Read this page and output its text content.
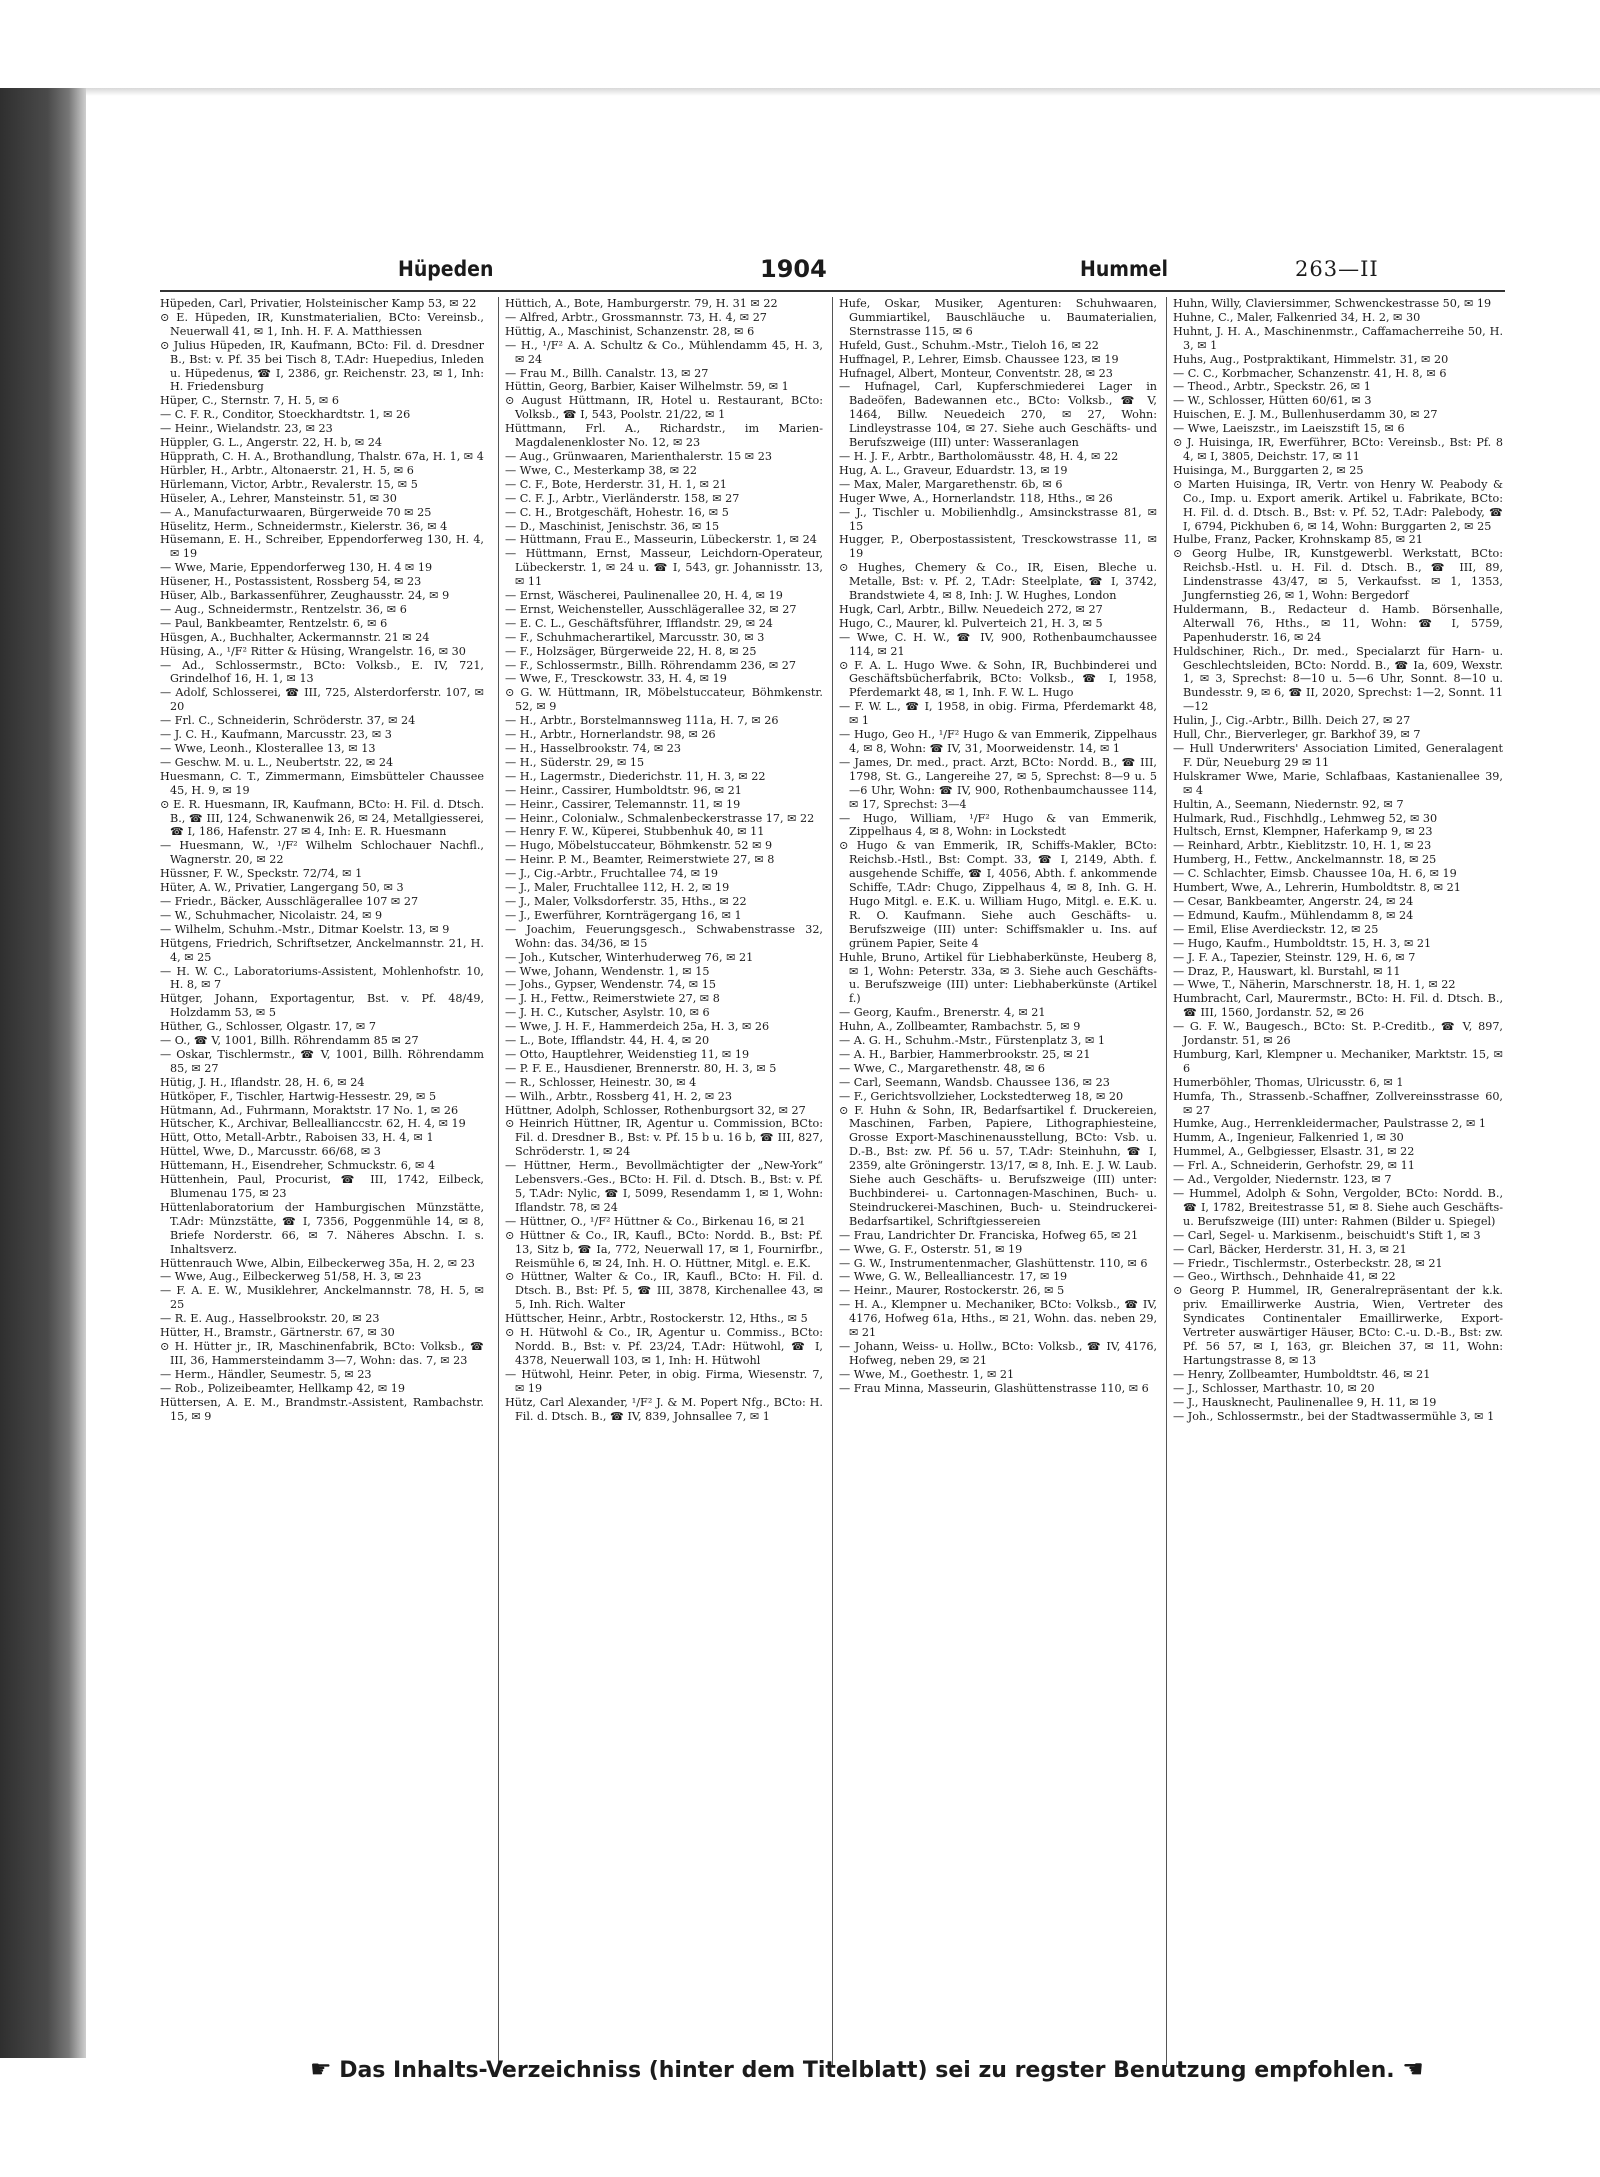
Hüpeden	1904	Hummel	263—II

Hüpeden, Carl, Privatier, Holsteinischer Kamp 53, ✉ 22

⊙ E. Hüpeden, IR, Kunstmaterialien, BCto: Vereinsb., Neuerwall 41, ✉ 1, Inh. H. F. A. Matthiessen

⊙ Julius Hüpeden, IR, Kaufmann, BCto: Fil. d. Dresdner B., Bst: v. Pf. 35 bei Tisch 8, T.Adr: Huepedius, Inleden u. Hüpedenus, ☎ I, 2386, gr. Reichenstr. 23, ✉ 1, Inh: H. Friedensburg

Hüper, C., Sternstr. 7, H. 5, ✉ 6

— C. F. R., Conditor, Stoeckhardtstr. 1, ✉ 26

— Heinr., Wielandstr. 23, ✉ 23

Hüppler, G. L., Angerstr. 22, H. b, ✉ 24

Hüpprath, C. H. A., Brothandlung, Thalstr. 67a, H. 1, ✉ 4

Hürbler, H., Arbtr., Altonaerstr. 21, H. 5, ✉ 6

Hürlemann, Victor, Arbtr., Revalerstr. 15, ✉ 5

Hüseler, A., Lehrer, Mansteinstr. 51, ✉ 30

— A., Manufacturwaaren, Bürgerweide 70 ✉ 25

Hüselitz, Herm., Schneidermstr., Kielerstr. 36, ✉ 4

Hüsemann, E. H., Schreiber, Eppendorferweg 130, H. 4, ✉ 19

— Wwe, Marie, Eppendorferweg 130, H. 4 ✉ 19

Hüsener, H., Postassistent, Rossberg 54, ✉ 23

Hüser, Alb., Barkassenführer, Zeughausstr. 24, ✉ 9

— Aug., Schneidermstr., Rentzelstr. 36, ✉ 6

— Paul, Bankbeamter, Rentzelstr. 6, ✉ 6

Hüsgen, A., Buchhalter, Ackermannstr. 21 ✉ 24

Hüsing, A., ¹/F² Ritter & Hüsing, Wrangelstr. 16, ✉ 30

— Ad., Schlossermstr., BCto: Volksb., E. IV, 721, Grindelhof 16, H. 1, ✉ 13

— Adolf, Schlosserei, ☎ III, 725, Alsterdorferstr. 107, ✉ 20

— Frl. C., Schneiderin, Schröderstr. 37, ✉ 24

— J. C. H., Kaufmann, Marcusstr. 23, ✉ 3

— Wwe, Leonh., Klosterallee 13, ✉ 13

— Geschw. M. u. L., Neubertstr. 22, ✉ 24

Huesmann, C. T., Zimmermann, Eimsbütteler Chaussee 45, H. 9, ✉ 19

⊙ E. R. Huesmann, IR, Kaufmann, BCto: H. Fil. d. Dtsch. B., ☎ III, 124, Schwanenwik 26, ✉ 24, Metallgiesserei, ☎ I, 186, Hafenstr. 27 ✉ 4, Inh: E. R. Huesmann

— Huesmann, W., ¹/F² Wilhelm Schlochauer Nachfl., Wagnerstr. 20, ✉ 22

Hüssner, F. W., Speckstr. 72/74, ✉ 1

Hüter, A. W., Privatier, Langergang 50, ✉ 3

— Friedr., Bäcker, Ausschlägerallee 107 ✉ 27

— W., Schuhmacher, Nicolaistr. 24, ✉ 9

— Wilhelm, Schuhm.-Mstr., Ditmar Koelstr. 13, ✉ 9

Hütgens, Friedrich, Schriftsetzer, Anckelmannstr. 21, H. 4, ✉ 25

— H. W. C., Laboratoriums-Assistent, Mohlenhofstr. 10, H. 8, ✉ 7

Hütger, Johann, Exportagentur, Bst. v. Pf. 48/49, Holzdamm 53, ✉ 5

Hüther, G., Schlosser, Olgastr. 17, ✉ 7

— O., ☎ V, 1001, Billh. Röhrendamm 85 ✉ 27

— Oskar, Tischlermstr., ☎ V, 1001, Billh. Röhrendamm 85, ✉ 27

Hütig, J. H., Iflandstr. 28, H. 6, ✉ 24

Hütköper, F., Tischler, Hartwig-Hessestr. 29, ✉ 5

Hütmann, Ad., Fuhrmann, Moraktstr. 17 No. 1, ✉ 26

Hütscher, K., Archivar, Belleallianccstr. 62, H. 4, ✉ 19

Hütt, Otto, Metall-Arbtr., Raboisen 33, H. 4, ✉ 1

Hüttel, Wwe, D., Marcusstr. 66/68, ✉ 3

Hüttemann, H., Eisendreher, Schmuckstr. 6, ✉ 4

Hüttenhein, Paul, Procurist, ☎ III, 1742, Eilbeck, Blumenau 175, ✉ 23

Hüttenlaboratorium der Hamburgischen Münzstätte, T.Adr: Münzstätte, ☎ I, 7356, Poggenmühle 14, ✉ 8, Briefe Norderstr. 66, ✉ 7. Näheres Abschn. I. s. Inhaltsverz.

Hüttenrauch Wwe, Albin, Eilbeckerweg 35a, H. 2, ✉ 23

— Wwe, Aug., Eilbeckerweg 51/58, H. 3, ✉ 23

— F. A. E. W., Musiklehrer, Anckelmannstr. 78, H. 5, ✉ 25

— R. E. Aug., Hasselbrookstr. 20, ✉ 23

Hütter, H., Bramstr., Gärtnerstr. 67, ✉ 30

⊙ H. Hütter jr., IR, Maschinenfabrik, BCto: Volksb., ☎ III, 36, Hammersteindamm 3—7, Wohn: das. 7, ✉ 23

— Herm., Händler, Seumestr. 5, ✉ 23

— Rob., Polizeibeamter, Hellkamp 42, ✉ 19

Hüttersen, A. E. M., Brandmstr.-Assistent, Rambachstr. 15, ✉ 9

Hüttich, A., Bote, Hamburgerstr. 79, H. 31 ✉ 22

— Alfred, Arbtr., Grossmannstr. 73, H. 4, ✉ 27

Hüttig, A., Maschinist, Schanzenstr. 28, ✉ 6

— H., ¹/F² A. A. Schultz & Co., Mühlendamm 45, H. 3, ✉ 24

— Frau M., Billh. Canalstr. 13, ✉ 27

Hüttin, Georg, Barbier, Kaiser Wilhelmstr. 59, ✉ 1

⊙ August Hüttmann, IR, Hotel u. Restaurant, BCto: Volksb., ☎ I, 543, Poolstr. 21/22, ✉ 1

Hüttmann, Frl. A., Richardstr., im Marien-Magdalenenkloster No. 12, ✉ 23

— Aug., Grünwaaren, Marienthalerstr. 15 ✉ 23

— Wwe, C., Mesterkamp 38, ✉ 22

— C. F., Bote, Herderstr. 31, H. 1, ✉ 21

— C. F. J., Arbtr., Vierländerstr. 158, ✉ 27

— C. H., Brotgeschäft, Hohestr. 16, ✉ 5

— D., Maschinist, Jenischstr. 36, ✉ 15

— Hüttmann, Frau E., Masseurin, Lübeckerstr. 1, ✉ 24

— Hüttmann, Ernst, Masseur, Leichdorn-Operateur, Lübeckerstr. 1, ✉ 24 u. ☎ I, 543, gr. Johannisstr. 13, ✉ 11

— Ernst, Wäscherei, Paulinenallee 20, H. 4, ✉ 19

— Ernst, Weichensteller, Ausschlägerallee 32, ✉ 27

— E. C. L., Geschäftsführer, Ifflandstr. 29, ✉ 24

— F., Schuhmacherartikel, Marcusstr. 30, ✉ 3

— F., Holzsäger, Bürgerweide 22, H. 8, ✉ 25

— F., Schlossermstr., Billh. Röhrendamm 236, ✉ 27

— Wwe, F., Tresckowstr. 33, H. 4, ✉ 19

⊙ G. W. Hüttmann, IR, Möbelstuccateur, Böhmkenstr. 52, ✉ 9

— H., Arbtr., Borstelmannsweg 111a, H. 7, ✉ 26

— H., Arbtr., Hornerlandstr. 98, ✉ 26

— H., Hasselbrookstr. 74, ✉ 23

— H., Süderstr. 29, ✉ 15

— H., Lagermstr., Diederichstr. 11, H. 3, ✉ 22

— Heinr., Cassirer, Humboldtstr. 96, ✉ 21

— Heinr., Cassirer, Telemannstr. 11, ✉ 19

— Heinr., Colonialw., Schmalenbeckerstrasse 17, ✉ 22

— Henry F. W., Küperei, Stubbenhuk 40, ✉ 11

— Hugo, Möbelstuccateur, Böhmkenstr. 52 ✉ 9

— Heinr. P. M., Beamter, Reimerstwiete 27, ✉ 8

— J., Cig.-Arbtr., Fruchtallee 74, ✉ 19

— J., Maler, Fruchtallee 112, H. 2, ✉ 19

— J., Maler, Volksdorferstr. 35, Hths., ✉ 22

— J., Ewerführer, Kornträgergang 16, ✉ 1

— Joachim, Feuerungsgesch., Schwabenstrasse 32, Wohn: das. 34/36, ✉ 15

— Joh., Kutscher, Winterhuderweg 76, ✉ 21

— Wwe, Johann, Wendenstr. 1, ✉ 15

— Johs., Gypser, Wendenstr. 74, ✉ 15

— J. H., Fettw., Reimerstwiete 27, ✉ 8

— J. H. C., Kutscher, Asylstr. 10, ✉ 6

— Wwe, J. H. F., Hammerdeich 25a, H. 3, ✉ 26

— L., Bote, Ifflandstr. 44, H. 4, ✉ 20

— Otto, Hauptlehrer, Weidenstieg 11, ✉ 19

— P. F. E., Hausdiener, Brennerstr. 80, H. 3, ✉ 5

— R., Schlosser, Heinestr. 30, ✉ 4

— Wilh., Arbtr., Rossberg 41, H. 2, ✉ 23

Hüttner, Adolph, Schlosser, Rothenburgsort 32, ✉ 27

⊙ Heinrich Hüttner, IR, Agentur u. Commission, BCto: Fil. d. Dresdner B., Bst: v. Pf. 15 b u. 16 b, ☎ III, 827, Schröderstr. 1, ✉ 24

— Hüttner, Herm., Bevollmächtigter der „New-York“ Lebensvers.-Ges., BCto: H. Fil. d. Dtsch. B., Bst: v. Pf. 5, T.Adr: Nylic, ☎ I, 5099, Resendamm 1, ✉ 1, Wohn: Iflandstr. 78, ✉ 24

— Hüttner, O., ¹/F² Hüttner & Co., Birkenau 16, ✉ 21

⊙ Hüttner & Co., IR, Kaufl., BCto: Nordd. B., Bst: Pf. 13, Sitz b, ☎ Ia, 772, Neuerwall 17, ✉ 1, Fournirfbr., Reismühle 6, ✉ 24, Inh. H. O. Hüttner, Mitgl. e. E.K.

⊙ Hüttner, Walter & Co., IR, Kaufl., BCto: H. Fil. d. Dtsch. B., Bst: Pf. 5, ☎ III, 3878, Kirchenallee 43, ✉ 5, Inh. Rich. Walter

Hüttscher, Heinr., Arbtr., Rostockerstr. 12, Hths., ✉ 5

⊙ H. Hütwohl & Co., IR, Agentur u. Commiss., BCto: Nordd. B., Bst: v. Pf. 23/24, T.Adr: Hütwohl, ☎ I, 4378, Neuerwall 103, ✉ 1, Inh: H. Hütwohl

— Hütwohl, Heinr. Peter, in obig. Firma, Wiesenstr. 7, ✉ 19

Hütz, Carl Alexander, ¹/F² J. & M. Popert Nfg., BCto: H. Fil. d. Dtsch. B., ☎ IV, 839, Johnsallee 7, ✉ 1

Hufe, Oskar, Musiker, Agenturen: Schuhwaaren, Gummiartikel, Bauschläuche u. Baumaterialien, Sternstrasse 115, ✉ 6

Hufeld, Gust., Schuhm.-Mstr., Tieloh 16, ✉ 22

Huffnagel, P., Lehrer, Eimsb. Chaussee 123, ✉ 19

Hufnagel, Albert, Monteur, Conventstr. 28, ✉ 23

— Hufnagel, Carl, Kupferschmiederei Lager in Badeöfen, Badewannen etc., BCto: Volksb., ☎ V, 1464, Billw. Neuedeich 270, ✉ 27, Wohn: Lindleystrasse 104, ✉ 27. Siehe auch Geschäfts- und Berufszweige (III) unter: Wasseranlagen

— H. J. F., Arbtr., Bartholomäusstr. 48, H. 4, ✉ 22

Hug, A. L., Graveur, Eduardstr. 13, ✉ 19

— Max, Maler, Margarethenstr. 6b, ✉ 6

Huger Wwe, A., Hornerlandstr. 118, Hths., ✉ 26

— J., Tischler u. Mobilienhdlg., Amsinckstrasse 81, ✉ 15

Hugger, P., Oberpostassistent, Tresckowstrasse 11, ✉ 19

⊙ Hughes, Chemery & Co., IR, Eisen, Bleche u. Metalle, Bst: v. Pf. 2, T.Adr: Steelplate, ☎ I, 3742, Brandstwiete 4, ✉ 8, Inh: J. W. Hughes, London

Hugk, Carl, Arbtr., Billw. Neuedeich 272, ✉ 27

Hugo, C., Maurer, kl. Pulverteich 21, H. 3, ✉ 5

— Wwe, C. H. W., ☎ IV, 900, Rothenbaumchaussee 114, ✉ 21

⊙ F. A. L. Hugo Wwe. & Sohn, IR, Buchbinderei und Geschäftsbücherfabrik, BCto: Volksb., ☎ I, 1958, Pferdemarkt 48, ✉ 1, Inh. F. W. L. Hugo

— F. W. L., ☎ I, 1958, in obig. Firma, Pferdemarkt 48, ✉ 1

— Hugo, Geo H., ¹/F² Hugo & van Emmerik, Zippelhaus 4, ✉ 8, Wohn: ☎ IV, 31, Moorweidenstr. 14, ✉ 1

— James, Dr. med., pract. Arzt, BCto: Nordd. B., ☎ III, 1798, St. G., Langereihe 27, ✉ 5, Sprechst: 8—9 u. 5—6 Uhr, Wohn: ☎ IV, 900, Rothenbaumchaussee 114, ✉ 17, Sprechst: 3—4

— Hugo, William, ¹/F² Hugo & van Emmerik, Zippelhaus 4, ✉ 8, Wohn: in Lockstedt

⊙ Hugo & van Emmerik, IR, Schiffs-Makler, BCto: Reichsb.-Hstl., Bst: Compt. 33, ☎ I, 2149, Abth. f. ausgehende Schiffe, ☎ I, 4056, Abth. f. ankommende Schiffe, T.Adr: Chugo, Zippelhaus 4, ✉ 8, Inh. G. H. Hugo Mitgl. e. E.K. u. William Hugo, Mitgl. e. E.K. u. R. O. Kaufmann. Siehe auch Geschäfts- u. Berufszweige (III) unter: Schiffsmakler u. Ins. auf grünem Papier, Seite 4

Huhle, Bruno, Artikel für Liebhaberkünste, Heuberg 8, ✉ 1, Wohn: Peterstr. 33a, ✉ 3. Siehe auch Geschäfts- u. Berufszweige (III) unter: Liebhaberkünste (Artikel f.)

— Georg, Kaufm., Brenerstr. 4, ✉ 21

Huhn, A., Zollbeamter, Rambachstr. 5, ✉ 9

— A. G. H., Schuhm.-Mstr., Fürstenplatz 3, ✉ 1

— A. H., Barbier, Hammerbrookstr. 25, ✉ 21

— Wwe, C., Margarethenstr. 48, ✉ 6

— Carl, Seemann, Wandsb. Chaussee 136, ✉ 23

— F., Gerichtsvollzieher, Lockstedterweg 18, ✉ 20

⊙ F. Huhn & Sohn, IR, Bedarfsartikel f. Druckereien, Maschinen, Farben, Papiere, Lithographiesteine, Grosse Export-Maschinenausstellung, BCto: Vsb. u. D.-B., Bst: zw. Pf. 56 u. 57, T.Adr: Steinhuhn, ☎ I, 2359, alte Gröningerstr. 13/17, ✉ 8, Inh. E. J. W. Laub. Siehe auch Geschäfts- u. Berufszweige (III) unter: Buchbinderei- u. Cartonnagen-Maschinen, Buch- u. Steindruckerei-Maschinen, Buch- u. Steindruckerei-Bedarfsartikel, Schriftgiessereien

— Frau, Landrichter Dr. Franciska, Hofweg 65, ✉ 21

— Wwe, G. F., Osterstr. 51, ✉ 19

— G. W., Instrumentenmacher, Glashüttenstr. 110, ✉ 6

— Wwe, G. W., Bellealliancestr. 17, ✉ 19

— Heinr., Maurer, Rostockerstr. 26, ✉ 5

— H. A., Klempner u. Mechaniker, BCto: Volksb., ☎ IV, 4176, Hofweg 61a, Hths., ✉ 21, Wohn. das. neben 29, ✉ 21

— Johann, Weiss- u. Hollw., BCto: Volksb., ☎ IV, 4176, Hofweg, neben 29, ✉ 21

— Wwe, M., Goethestr. 1, ✉ 21

— Frau Minna, Masseurin, Glashüttenstrasse 110, ✉ 6

Huhn, Willy, Claviersimmer, Schwenckestrasse 50, ✉ 19

Huhne, C., Maler, Falkenried 34, H. 2, ✉ 30

Huhnt, J. H. A., Maschinenmstr., Caffamacherreihe 50, H. 3, ✉ 1

Huhs, Aug., Postpraktikant, Himmelstr. 31, ✉ 20

— C. C., Korbmacher, Schanzenstr. 41, H. 8, ✉ 6

— Theod., Arbtr., Speckstr. 26, ✉ 1

— W., Schlosser, Hütten 60/61, ✉ 3

Huischen, E. J. M., Bullenhuserdamm 30, ✉ 27

— Wwe, Laeiszstr., im Laeiszstift 15, ✉ 6

⊙ J. Huisinga, IR, Ewerführer, BCto: Vereinsb., Bst: Pf. 8 4, ✉ I, 3805, Deichstr. 17, ✉ 11

Huisinga, M., Burggarten 2, ✉ 25

⊙ Marten Huisinga, IR, Vertr. von Henry W. Peabody & Co., Imp. u. Export amerik. Artikel u. Fabrikate, BCto: H. Fil. d. d. Dtsch. B., Bst: v. Pf. 52, T.Adr: Palebody, ☎ I, 6794, Pickhuben 6, ✉ 14, Wohn: Burggarten 2, ✉ 25

Hulbe, Franz, Packer, Krohnskamp 85, ✉ 21

⊙ Georg Hulbe, IR, Kunstgewerbl. Werkstatt, BCto: Reichsb.-Hstl. u. H. Fil. d. Dtsch. B., ☎ III, 89, Lindenstrasse 43/47, ✉ 5, Verkaufsst. ✉ 1, 1353, Jungfernstieg 26, ✉ 1, Wohn: Bergedorf

Huldermann, B., Redacteur d. Hamb. Börsenhalle, Alterwall 76, Hths., ✉ 11, Wohn: ☎ I, 5759, Papenhuderstr. 16, ✉ 24

Huldschiner, Rich., Dr. med., Specialarzt für Harn- u. Geschlechtsleiden, BCto: Nordd. B., ☎ Ia, 609, Wexstr. 1, ✉ 3, Sprechst: 8—10 u. 5—6 Uhr, Sonnt. 8—10 u. Bundesstr. 9, ✉ 6, ☎ II, 2020, Sprechst: 1—2, Sonnt. 11—12

Hulin, J., Cig.-Arbtr., Billh. Deich 27, ✉ 27

Hull, Chr., Bierverleger, gr. Barkhof 39, ✉ 7

— Hull Underwriters' Association Limited, Generalagent F. Dür, Neueburg 29 ✉ 11

Hulskramer Wwe, Marie, Schlafbaas, Kastanienallee 39, ✉ 4

Hultin, A., Seemann, Niedernstr. 92, ✉ 7

Hulmark, Rud., Fischhdlg., Lehmweg 52, ✉ 30

Hultsch, Ernst, Klempner, Haferkamp 9, ✉ 23

— Reinhard, Arbtr., Kieblitzstr. 10, H. 1, ✉ 23

Humberg, H., Fettw., Anckelmannstr. 18, ✉ 25

— C. Schlachter, Eimsb. Chaussee 10a, H. 6, ✉ 19

Humbert, Wwe, A., Lehrerin, Humboldtstr. 8, ✉ 21

— Cesar, Bankbeamter, Angerstr. 24, ✉ 24

— Edmund, Kaufm., Mühlendamm 8, ✉ 24

— Emil, Elise Averdieckstr. 12, ✉ 25

— Hugo, Kaufm., Humboldtstr. 15, H. 3, ✉ 21

— J. F. A., Tapezier, Steinstr. 129, H. 6, ✉ 7

— Draz, P., Hauswart, kl. Burstahl, ✉ 11

— Wwe, T., Näherin, Marschnerstr. 18, H. 1, ✉ 22

Humbracht, Carl, Maurermstr., BCto: H. Fil. d. Dtsch. B., ☎ III, 1560, Jordanstr. 52, ✉ 26

— G. F. W., Baugesch., BCto: St. P.-Creditb., ☎ V, 897, Jordanstr. 51, ✉ 26

Humburg, Karl, Klempner u. Mechaniker, Marktstr. 15, ✉ 6

Humerböhler, Thomas, Ulricusstr. 6, ✉ 1

Humfa, Th., Strassenb.-Schaffner, Zollvereinsstrasse 60, ✉ 27

Humke, Aug., Herrenkleidermacher, Paulstrasse 2, ✉ 1

Humm, A., Ingenieur, Falkenried 1, ✉ 30

Hummel, A., Gelbgiesser, Elsastr. 31, ✉ 22

— Frl. A., Schneiderin, Gerhofstr. 29, ✉ 11

— Ad., Vergolder, Niedernstr. 123, ✉ 7

— Hummel, Adolph & Sohn, Vergolder, BCto: Nordd. B., ☎ I, 1782, Breitestrasse 51, ✉ 8. Siehe auch Geschäfts- u. Berufszweige (III) unter: Rahmen (Bilder u. Spiegel)

— Carl, Segel- u. Markisenm., beischuidt's Stift 1, ✉ 3

— Carl, Bäcker, Herderstr. 31, H. 3, ✉ 21

— Friedr., Tischlermstr., Osterbeckstr. 28, ✉ 21

— Geo., Wirthsch., Dehnhaide 41, ✉ 22

⊙ Georg P. Hummel, IR, Generalrepräsentant der k.k. priv. Emaillirwerke Austria, Wien, Vertreter des Syndicates Continentaler Emaillirwerke, Export-Vertreter auswärtiger Häuser, BCto: C.-u. D.-B., Bst: zw. Pf. 56 57, ✉ I, 163, gr. Bleichen 37, ✉ 11, Wohn: Hartungstrasse 8, ✉ 13

— Henry, Zollbeamter, Humboldtstr. 46, ✉ 21

— J., Schlosser, Marthastr. 10, ✉ 20

— J., Hausknecht, Paulinenallee 9, H. 11, ✉ 19

— Joh., Schlossermstr., bei der Stadtwassermühle 3, ✉ 1

☛ Das Inhalts-Verzeichniss (hinter dem Titelblatt) sei zu regster Benutzung empfohlen. ☚
